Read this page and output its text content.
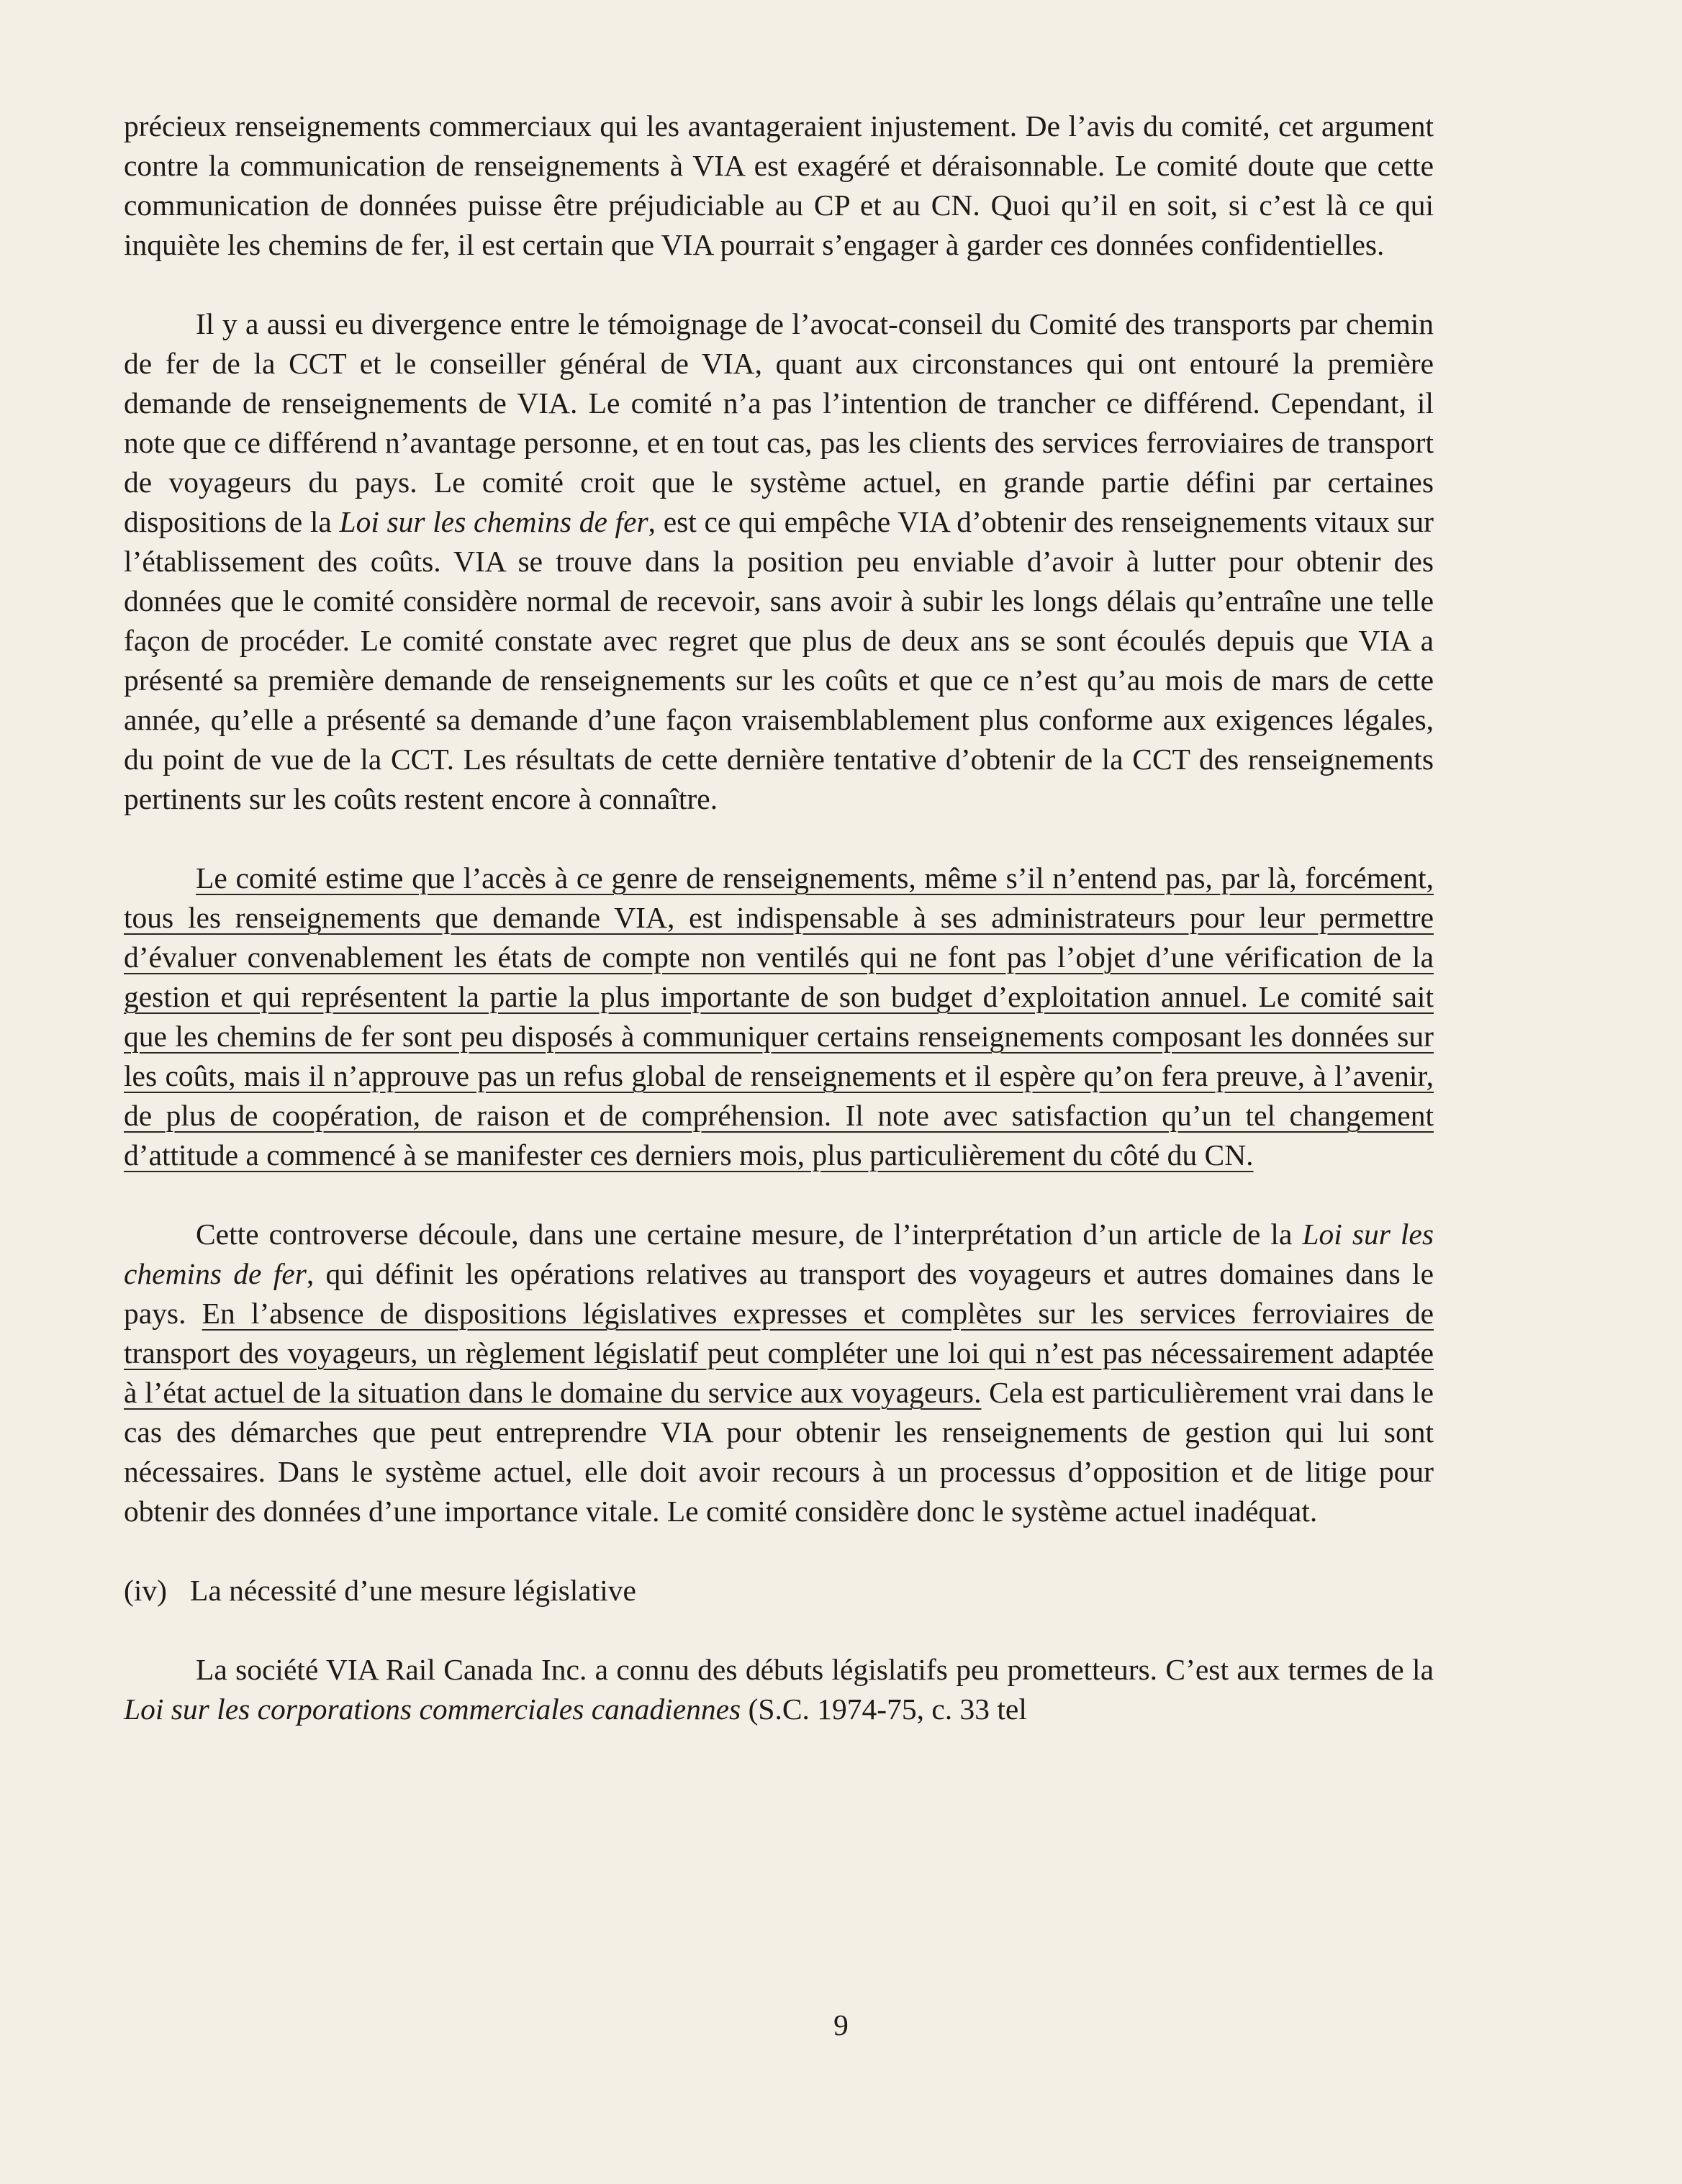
précieux renseignements commerciaux qui les avantageraient injustement. De l’avis du comité, cet argument contre la communication de renseignements à VIA est exagéré et déraisonnable. Le comité doute que cette communication de données puisse être préjudiciable au CP et au CN. Quoi qu’il en soit, si c’est là ce qui inquiète les chemins de fer, il est certain que VIA pourrait s’engager à garder ces données confidentielles.

Il y a aussi eu divergence entre le témoignage de l’avocat-conseil du Comité des transports par chemin de fer de la CCT et le conseiller général de VIA, quant aux circonstances qui ont entouré la première demande de renseignements de VIA. Le comité n’a pas l’intention de trancher ce différend. Cependant, il note que ce différend n’avantage personne, et en tout cas, pas les clients des services ferroviaires de transport de voyageurs du pays. Le comité croit que le système actuel, en grande partie défini par certaines dispositions de la Loi sur les chemins de fer, est ce qui empêche VIA d’obtenir des renseignements vitaux sur l’établissement des coûts. VIA se trouve dans la position peu enviable d’avoir à lutter pour obtenir des données que le comité considère normal de recevoir, sans avoir à subir les longs délais qu’entraîne une telle façon de procéder. Le comité constate avec regret que plus de deux ans se sont écoulés depuis que VIA a présenté sa première demande de renseignements sur les coûts et que ce n’est qu’au mois de mars de cette année, qu’elle a présenté sa demande d’une façon vraisemblablement plus conforme aux exigences légales, du point de vue de la CCT. Les résultats de cette dernière tentative d’obtenir de la CCT des renseignements pertinents sur les coûts restent encore à connaître.

Le comité estime que l’accès à ce genre de renseignements, même s’il n’entend pas, par là, forcément, tous les renseignements que demande VIA, est indispensable à ses administrateurs pour leur permettre d’évaluer convenablement les états de compte non ventilés qui ne font pas l’objet d’une vérification de la gestion et qui représentent la partie la plus importante de son budget d’exploitation annuel. Le comité sait que les chemins de fer sont peu disposés à communiquer certains renseignements composant les données sur les coûts, mais il n’approuve pas un refus global de renseignements et il espère qu’on fera preuve, à l’avenir, de plus de coopération, de raison et de compréhension. Il note avec satisfaction qu’un tel changement d’attitude a commencé à se manifester ces derniers mois, plus particulièrement du côté du CN.

Cette controverse découle, dans une certaine mesure, de l’interprétation d’un article de la Loi sur les chemins de fer, qui définit les opérations relatives au transport des voyageurs et autres domaines dans le pays. En l’absence de dispositions législatives expresses et complètes sur les services ferroviaires de transport des voyageurs, un règlement législatif peut compléter une loi qui n’est pas nécessairement adaptée à l’état actuel de la situation dans le domaine du service aux voyageurs. Cela est particulièrement vrai dans le cas des démarches que peut entreprendre VIA pour obtenir les renseignements de gestion qui lui sont nécessaires. Dans le système actuel, elle doit avoir recours à un processus d’opposition et de litige pour obtenir des données d’une importance vitale. Le comité considère donc le système actuel inadéquat.

(iv) La nécessité d’une mesure législative

La société VIA Rail Canada Inc. a connu des débuts législatifs peu prometteurs. C’est aux termes de la Loi sur les corporations commerciales canadiennes (S.C. 1974-75, c. 33 tel

9
